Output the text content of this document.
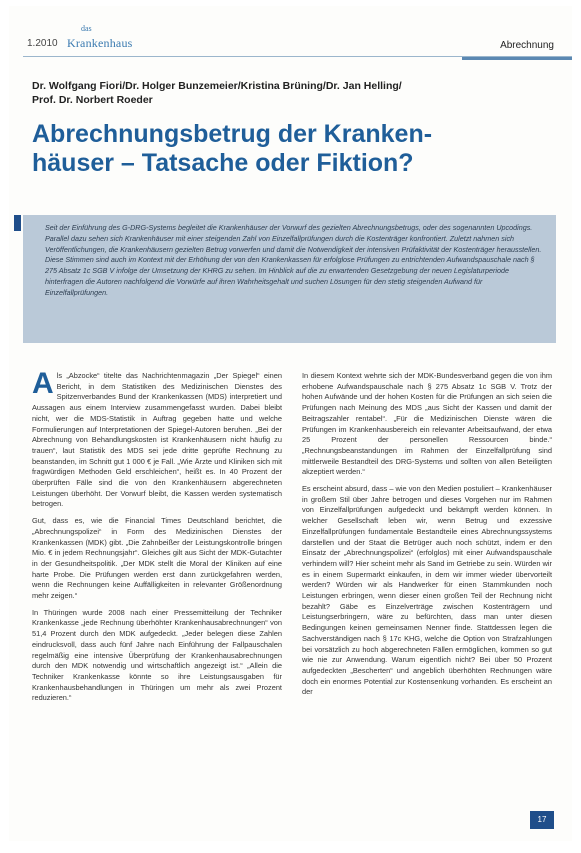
1.2010
das
Krankenhaus	Abrechnung
Dr. Wolfgang Fiori/Dr. Holger Bunzemeier/Kristina Brüning/Dr. Jan Helling/
Prof. Dr. Norbert Roeder
Abrechnungsbetrug der Kranken-häuser – Tatsache oder Fiktion?
Seit der Einführung des G-DRG-Systems begleitet die Krankenhäuser der Vorwurf des gezielten Abrechnungsbetrugs, oder des sogenannten Upcodings. Parallel dazu sehen sich Krankenhäuser mit einer steigenden Zahl von Einzelfallprüfungen durch die Kostenträger konfrontiert. Zuletzt nahmen sich Veröffentlichungen, die Krankenhäusern gezielten Betrug vorwerfen und damit die Notwendigkeit der intensiven Prüfaktivität der Kostenträger herausstellen. Diese Stimmen sind auch im Kontext mit der Erhöhung der von den Krankenkassen für erfolglose Prüfungen zu entrichtenden Aufwandspauschale nach § 275 Absatz 1c SGB V infolge der Umsetzung der KHRG zu sehen. Im Hinblick auf die zu erwartenden Gesetzgebung der neuen Legislaturperiode hinterfragen die Autoren nachfolgend die Vorwürfe auf ihren Wahrheitsgehalt und suchen Lösungen für den stetig steigenden Aufwand für Einzelfallprüfungen.

Als „Abzocke“ titelte das Nachrichtenmagazin „Der Spiegel“ einen Bericht, in dem Statistiken des Medizinischen Dienstes des Spitzenverbandes Bund der Krankenkassen (MDS) interpretiert und Aussagen aus einem Interview zusammengefasst wurden. Dabei bleibt nicht, wer die MDS-Statistik in Auftrag gegeben hatte und welche Formulierungen auf Interpretationen der Spiegel-Autoren beruhen. „Bei der Abrechnung von Behandlungskosten ist Krankenhäusern nicht häufig zu trauen“, laut Statistik des MDS sei jede dritte geprüfte Rechnung zu beanstanden, im Schnitt gut 1 000 € je Fall. „Wie Ärzte und Kliniken sich mit fragwürdigen Methoden Geld erschleichen“, heißt es. In 40 Prozent der überprüften Fälle sind die von den Krankenhäusern abgerechneten Leistungen überhöht. Der Vorwurf bleibt, die Kassen werden systematisch betrogen.

Gut, dass es, wie die Financial Times Deutschland berichtet, die „Abrechnungspolizei“ in Form des Medizinischen Dienstes der Krankenkassen (MDK) gibt. „Die Zahnbeißer der Leistungskontrolle bringen Mio. € in jedem Rechnungsjahr“. Gleiches gilt aus Sicht der MDK-Gutachter in der Gesundheitspolitik. „Der MDK stellt die Moral der Kliniken auf eine harte Probe. Die Prüfungen werden erst dann zurückgefahren werden, wenn die Rechnungen keine Auffälligkeiten in relevanter Größenordnung mehr zeigen.“

In Thüringen wurde 2008 nach einer Pressemitteilung der Techniker Krankenkasse „jede Rechnung überhöhter Krankenhausabrechnungen“ von 51,4 Prozent durch den MDK aufgedeckt. „Jeder belegen diese Zahlen eindrucksvoll, dass auch fünf Jahre nach Einführung der Fallpauschalen regelmäßig eine intensive Überprüfung der Krankenhausabrechnungen durch den MDK notwendig und wirtschaftlich angezeigt ist.“ „Allein die Techniker Krankenkasse könnte so ihre Leistungsausgaben für Krankenhausbehandlungen in Thüringen um mehr als zwei Prozent reduzieren.“

In diesem Kontext wehrte sich der MDK-Bundesverband gegen die von ihm erhobene Aufwandspauschale nach § 275 Absatz 1c SGB V. Trotz der hohen Aufwände und der hohen Kosten für die Prüfungen an sich seien die Prüfungen nach Meinung des MDS „aus Sicht der Kassen und damit der Beitragszahler rentabel“. „Für die Medizinischen Dienste wären die Prüfungen im Krankenhausbereich ein relevanter Arbeitsaufwand, der etwa 25 Prozent der personellen Ressourcen binde.“ „Rechnungsbeanstandungen im Rahmen der Einzelfallprüfung sind mittlerweile Bestandteil des DRG-Systems und sollten von allen Beteiligten akzeptiert werden.“

Es erscheint absurd, dass – wie von den Medien postuliert – Krankenhäuser in großem Stil über Jahre betrogen und dieses Vorgehen nur im Rahmen von Einzelfallprüfungen aufgedeckt und bekämpft werden können. In welcher Gesellschaft leben wir, wenn Betrug und exzessive Einzelfallprüfungen fundamentale Bestandteile eines Abrechnungssystems darstellen und der Staat die Betrüger auch noch schützt, indem er den Einsatz der „Abrechnungspolizei“ (erfolglos) mit einer Aufwandspauschale verhindern will? Hier scheint mehr als Sand im Getriebe zu sein. Würden wir es in einem Supermarkt einkaufen, in dem wir immer wieder übervorteilt werden? Würden wir als Handwerker für einen Stammkunden noch Leistungen erbringen, wenn dieser einen großen Teil der Rechnung nicht bezahlt? Gäbe es Einzelverträge zwischen Kostenträgern und Leistungserbringern, wäre zu befürchten, dass man unter diesen Bedingungen keinen gemeinsamen Nenner finde. Stattdessen legen die Sachverständigen nach § 17c KHG, welche die Option von Strafzahlungen bei vorsätzlich zu hoch abgerechneten Fällen ermöglichen, kommen so gut wie nie zur Anwendung. Warum eigentlich nicht? Bei über 50 Prozent aufgedeckten „Bescherten“ und angeblich überhöhten Rechnungen wäre doch ein enormes Potential zur Kostensenkung vorhanden. Es erscheint an der

17
